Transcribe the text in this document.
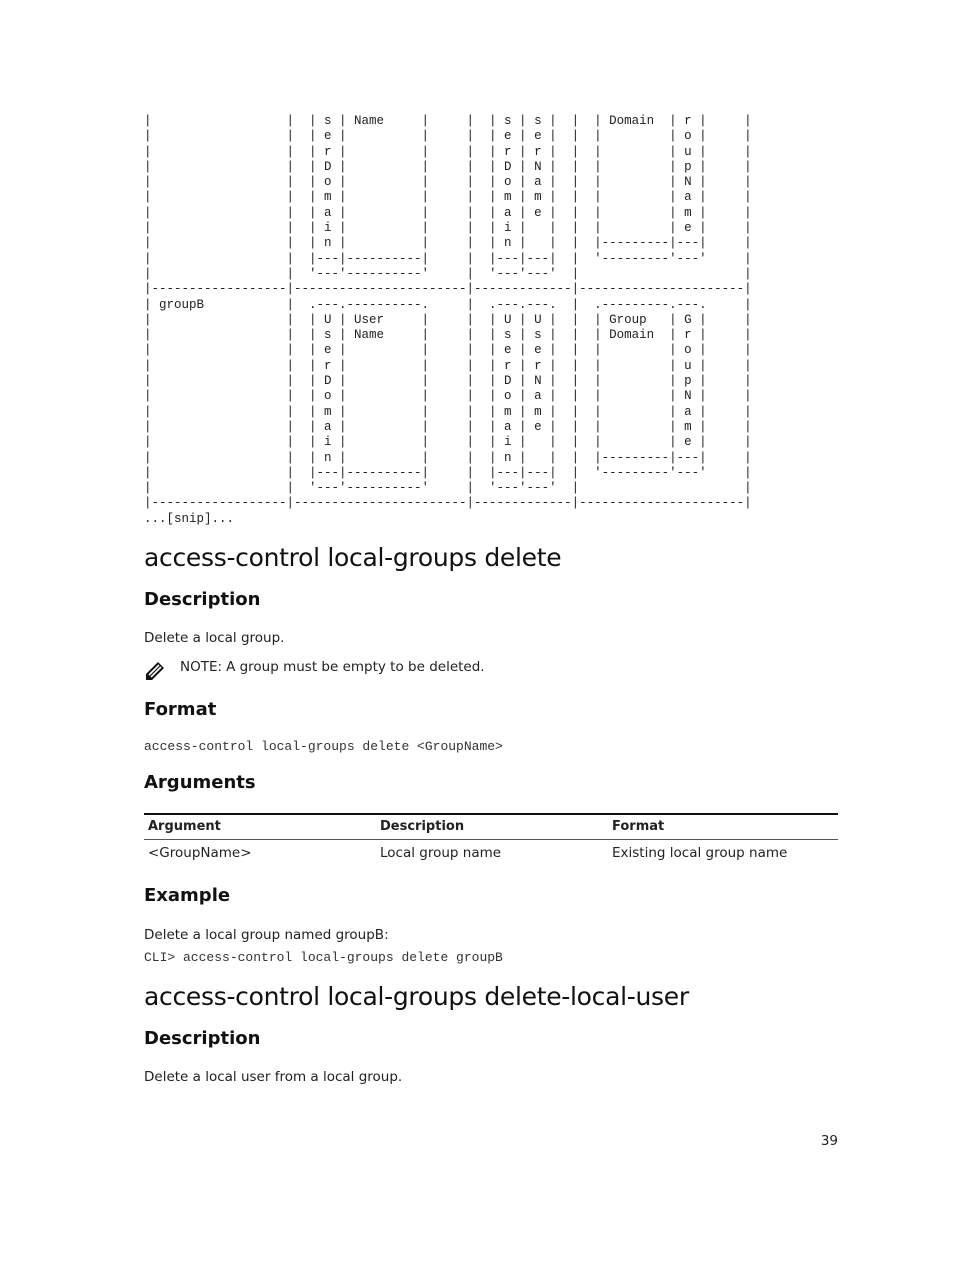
|                  |  | s | Name     |     |  | s | s |  |  | Domain  | r |     |
|                  |  | e |          |     |  | e | e |  |  |         | o |     |
|                  |  | r |          |     |  | r | r |  |  |         | u |     |
|                  |  | D |          |     |  | D | N |  |  |         | p |     |
|                  |  | o |          |     |  | o | a |  |  |         | N |     |
|                  |  | m |          |     |  | m | m |  |  |         | a |     |
|                  |  | a |          |     |  | a | e |  |  |         | m |     |
|                  |  | i |          |     |  | i |   |  |  |         | e |     |
|                  |  | n |          |     |  | n |   |  |  |---------|---|     |
|                  |  |---|----------|     |  |---|---|  |  '---------'---'     |
|                  |  '---'----------'     |  '---'---'  |                      |
|------------------|-----------------------|-------------|----------------------|
| groupB           |  .---.----------.     |  .---.---.  |  .---------.---.     |
|                  |  | U | User     |     |  | U | U |  |  | Group   | G |     |
|                  |  | s | Name     |     |  | s | s |  |  | Domain  | r |     |
|                  |  | e |          |     |  | e | e |  |  |         | o |     |
|                  |  | r |          |     |  | r | r |  |  |         | u |     |
|                  |  | D |          |     |  | D | N |  |  |         | p |     |
|                  |  | o |          |     |  | o | a |  |  |         | N |     |
|                  |  | m |          |     |  | m | m |  |  |         | a |     |
|                  |  | a |          |     |  | a | e |  |  |         | m |     |
|                  |  | i |          |     |  | i |   |  |  |         | e |     |
|                  |  | n |          |     |  | n |   |  |  |---------|---|     |
|                  |  |---|----------|     |  |---|---|  |  '---------'---'     |
|                  |  '---'----------'     |  '---'---'  |                      |
|------------------|-----------------------|-------------|----------------------|
...[snip]...
access-control local-groups delete
Description

Delete a local group.

NOTE: A group must be empty to be deleted.
Format
access-control local-groups delete <GroupName>
Arguments
Argument	Description	Format
<GroupName>	Local group name	Existing local group name
Example

Delete a local group named groupB:

CLI> access-control local-groups delete groupB
access-control local-groups delete-local-user
Description

Delete a local user from a local group.

39
